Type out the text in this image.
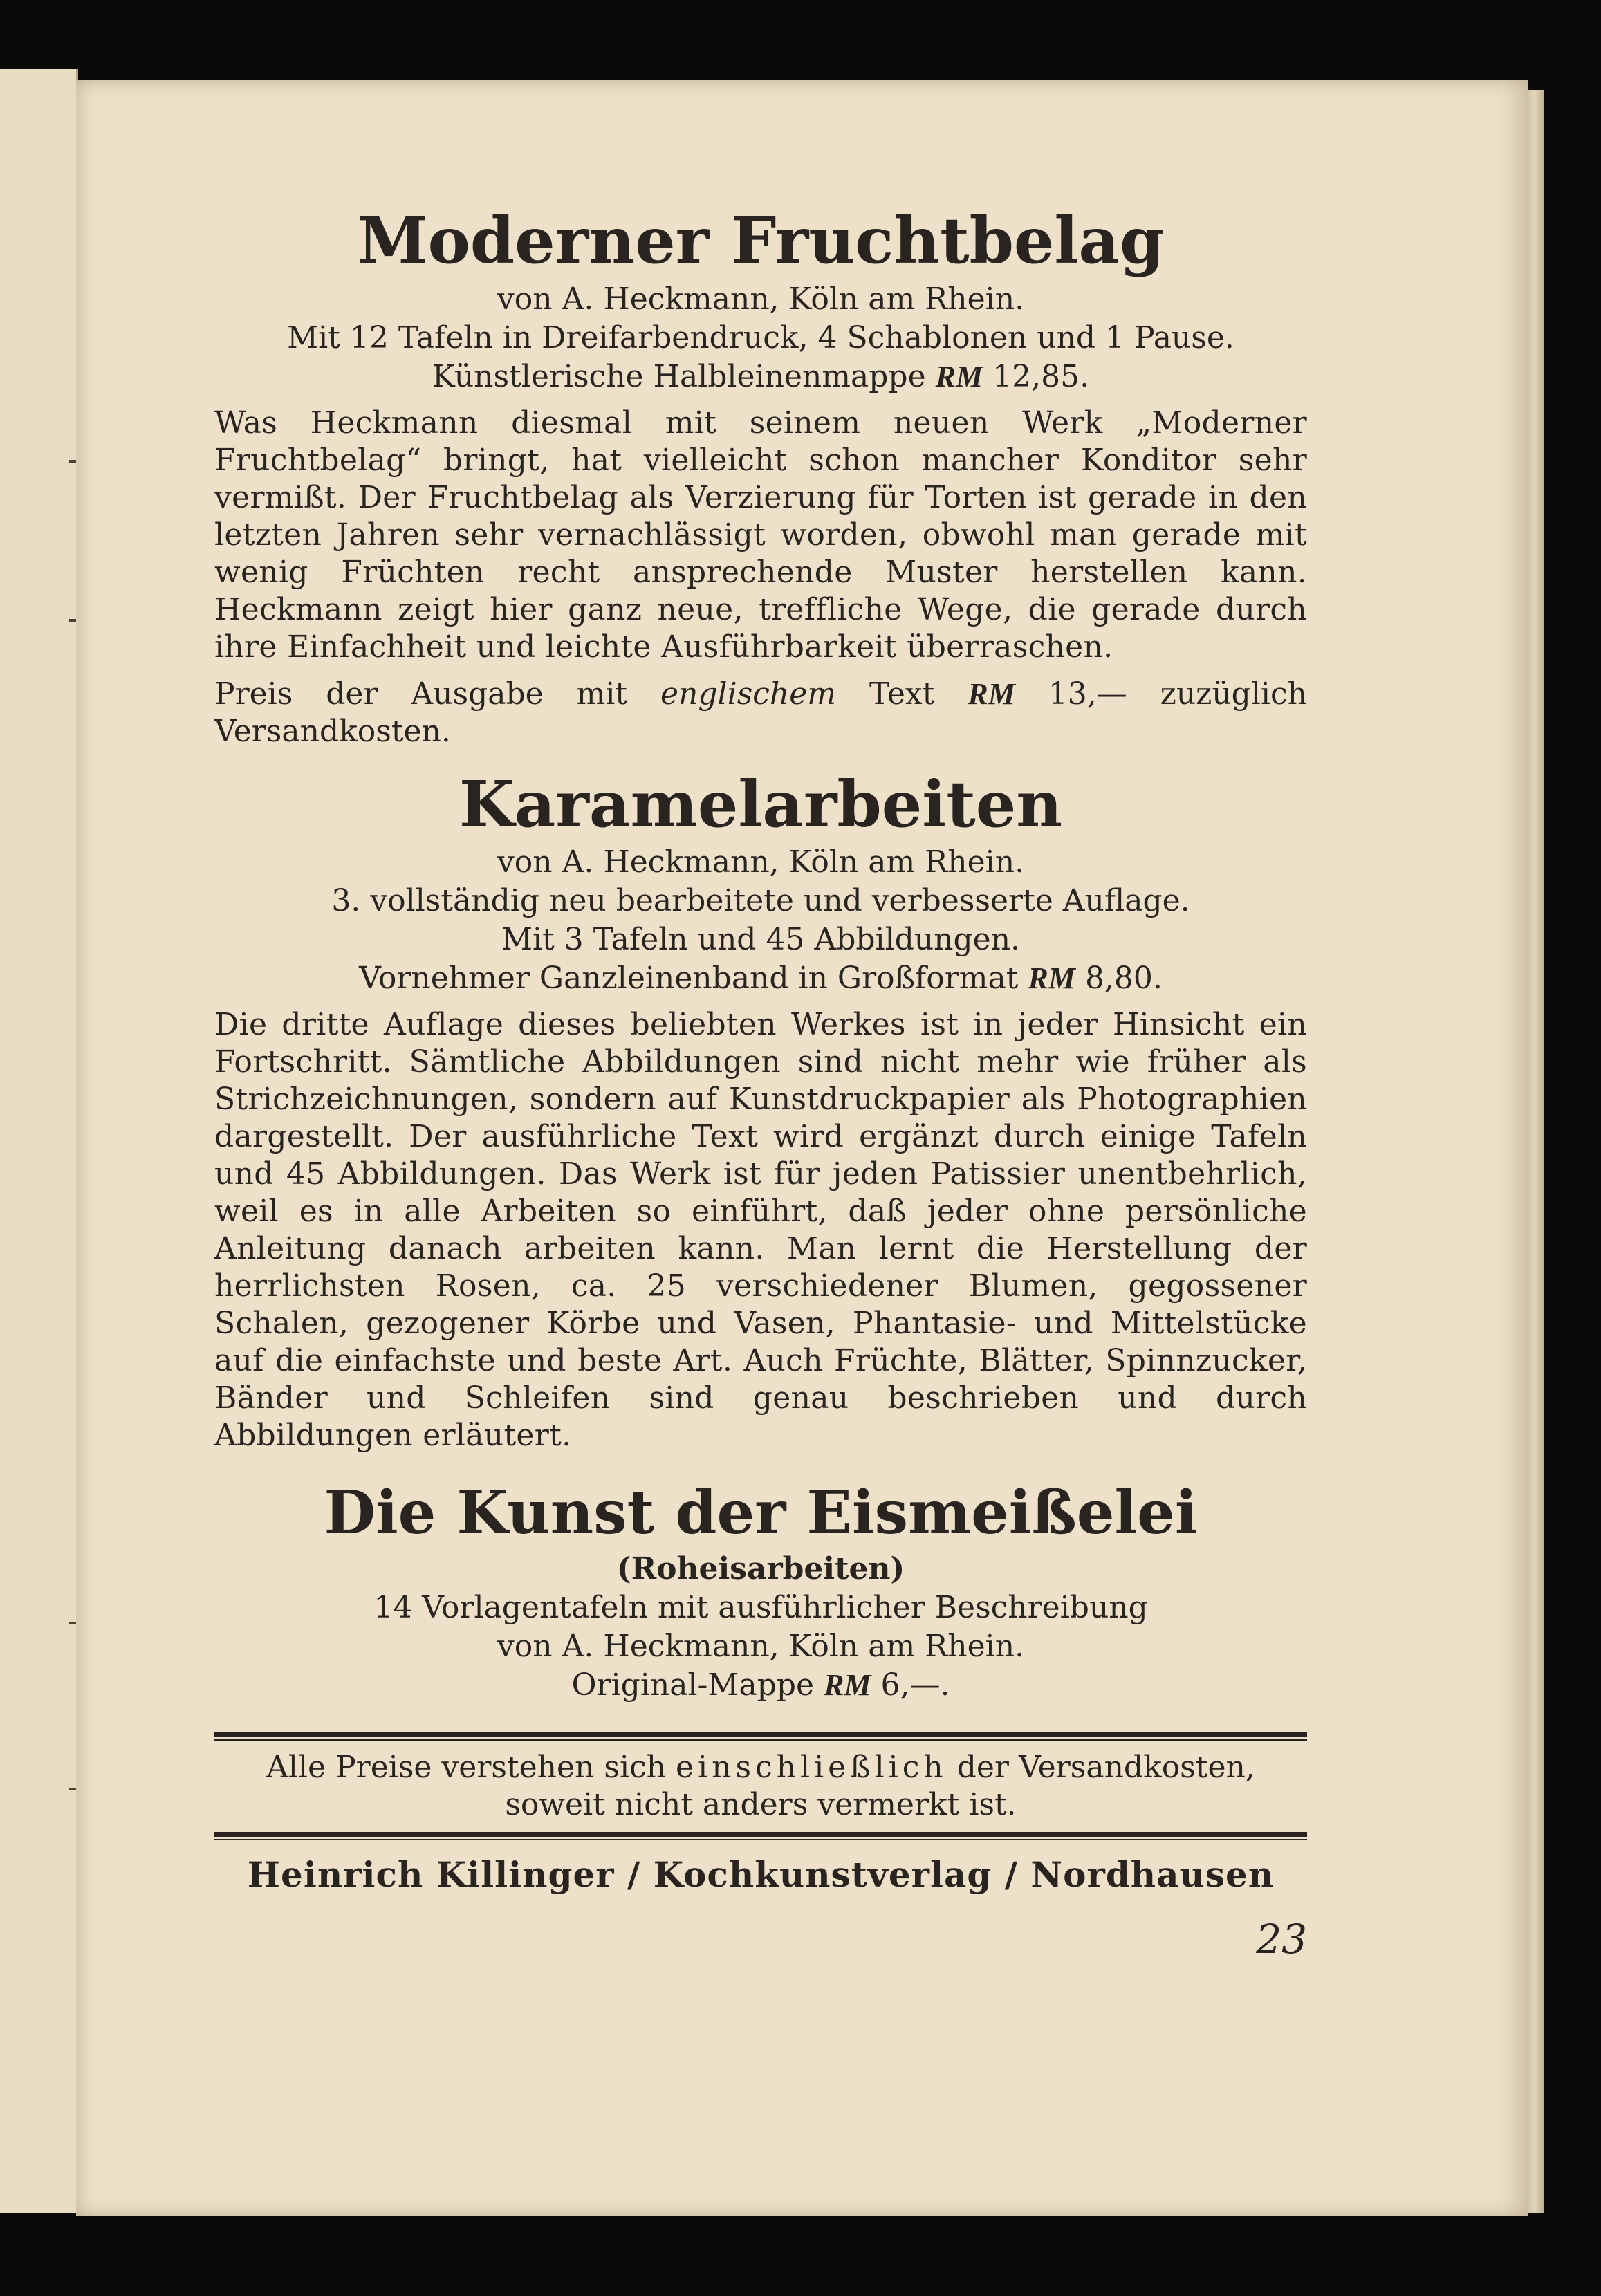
Moderner Fruchtbelag

von A. Heckmann, Köln am Rhein.

Mit 12 Tafeln in Dreifarbendruck, 4 Schablonen und 1 Pause.

Künstlerische Halbleinenmappe RM 12,85.

Was Heckmann diesmal mit seinem neuen Werk „Moderner Fruchtbelag“ bringt, hat vielleicht schon mancher Konditor sehr vermißt. Der Fruchtbelag als Verzierung für Torten ist gerade in den letzten Jahren sehr vernachlässigt worden, obwohl man gerade mit wenig Früchten recht ansprechende Muster herstellen kann. Heckmann zeigt hier ganz neue, treffliche Wege, die gerade durch ihre Einfachheit und leichte Ausführbarkeit überraschen.

Preis der Ausgabe mit englischem Text RM 13,— zuzüglich Versandkosten.

Karamelarbeiten

von A. Heckmann, Köln am Rhein.

3. vollständig neu bearbeitete und verbesserte Auflage.

Mit 3 Tafeln und 45 Abbildungen.

Vornehmer Ganzleinenband in Großformat RM 8,80.

Die dritte Auflage dieses beliebten Werkes ist in jeder Hinsicht ein Fortschritt. Sämtliche Abbildungen sind nicht mehr wie früher als Strichzeichnungen, sondern auf Kunstdruckpapier als Photographien dargestellt. Der ausführliche Text wird ergänzt durch einige Tafeln und 45 Abbildungen. Das Werk ist für jeden Patissier unentbehrlich, weil es in alle Arbeiten so einführt, daß jeder ohne persönliche Anleitung danach arbeiten kann. Man lernt die Herstellung der herrlichsten Rosen, ca. 25 verschiedener Blumen, gegossener Schalen, gezogener Körbe und Vasen, Phantasie- und Mittelstücke auf die einfachste und beste Art. Auch Früchte, Blätter, Spinnzucker, Bänder und Schleifen sind genau beschrieben und durch Abbildungen erläutert.

Die Kunst der Eismeißelei

(Roheisarbeiten)

14 Vorlagentafeln mit ausführlicher Beschreibung

von A. Heckmann, Köln am Rhein.

Original-Mappe RM 6,—.

Alle Preise verstehen sich einschließlich der Versandkosten, soweit nicht anders vermerkt ist.

Heinrich Killinger / Kochkunstverlag / Nordhausen
23
